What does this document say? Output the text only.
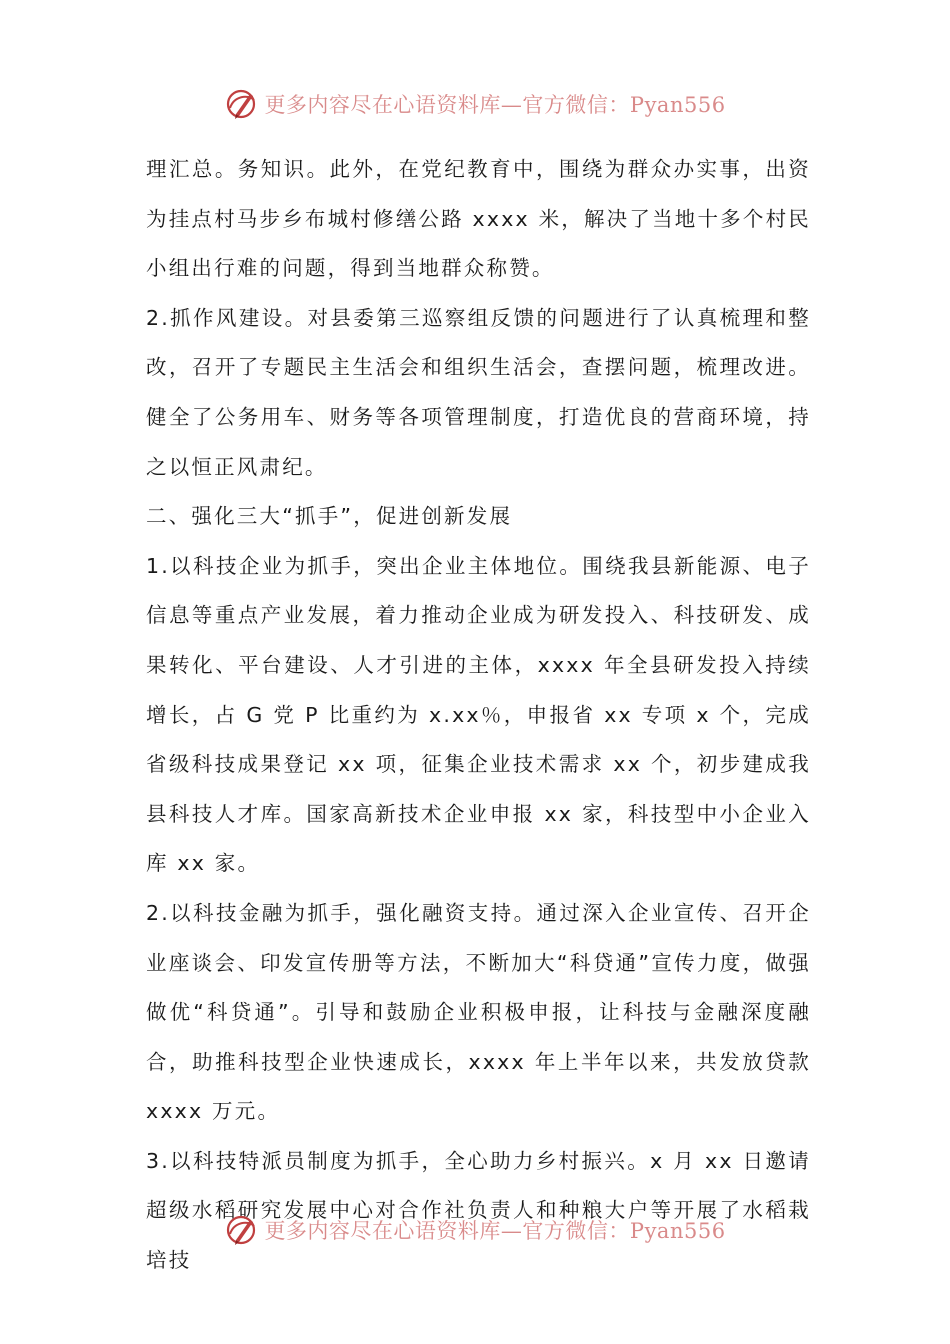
更多内容尽在心语资料库—官方微信：Pyan556

理汇总。务知识。此外，在党纪教育中，围绕为群众办实事，出资为挂点村马步乡布城村修缮公路 xxxx 米，解决了当地十多个村民小组出行难的问题，得到当地群众称赞。

2.抓作风建设。对县委第三巡察组反馈的问题进行了认真梳理和整改，召开了专题民主生活会和组织生活会，查摆问题，梳理改进。健全了公务用车、财务等各项管理制度，打造优良的营商环境，持之以恒正风肃纪。

二、强化三大“抓手”，促进创新发展

1.以科技企业为抓手，突出企业主体地位。围绕我县新能源、电子信息等重点产业发展，着力推动企业成为研发投入、科技研发、成果转化、平台建设、人才引进的主体，xxxx 年全县研发投入持续增长，占 G 党 P 比重约为 x.xx％，申报省 xx 专项 x 个，完成省级科技成果登记 xx 项，征集企业技术需求 xx 个，初步建成我县科技人才库。国家高新技术企业申报 xx 家，科技型中小企业入库 xx 家。

2.以科技金融为抓手，强化融资支持。通过深入企业宣传、召开企业座谈会、印发宣传册等方法，不断加大“科贷通”宣传力度，做强做优“科贷通”。引导和鼓励企业积极申报，让科技与金融深度融合，助推科技型企业快速成长，xxxx 年上半年以来，共发放贷款 xxxx 万元。

3.以科技特派员制度为抓手，全心助力乡村振兴。x 月 xx 日邀请超级水稻研究发展中心对合作社负责人和种粮大户等开展了水稻栽培技

更多内容尽在心语资料库—官方微信：Pyan556
